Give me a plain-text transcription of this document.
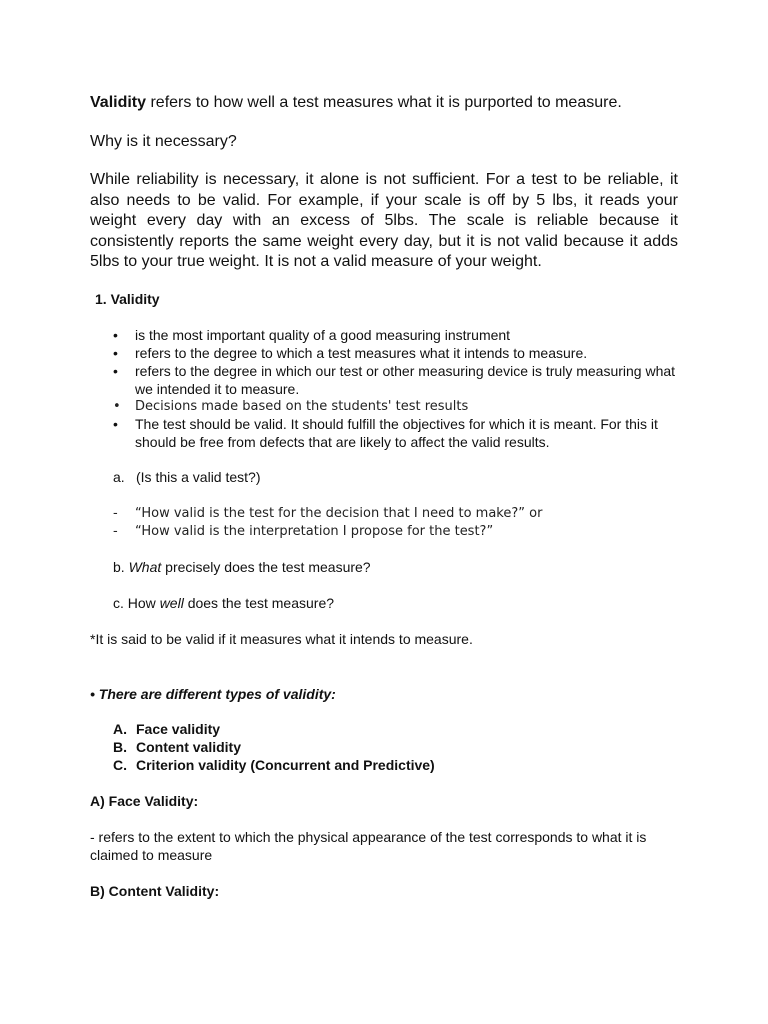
Validity refers to how well a test measures what it is purported to measure.
Why is it necessary?
While reliability is necessary, it alone is not sufficient. For a test to be reliable, it also needs to be valid. For example, if your scale is off by 5 lbs, it reads your weight every day with an excess of 5lbs. The scale is reliable because it consistently reports the same weight every day, but it is not valid because it adds 5lbs to your true weight. It is not a valid measure of your weight.
1. Validity
• is the most important quality of a good measuring instrument
• refers to the degree to which a test measures what it intends to measure.
• refers to the degree in which our test or other measuring device is truly measuring what we intended it to measure.
• Decisions made based on the students' test results
• The test should be valid. It should fulfill the objectives for which it is meant. For this it should be free from defects that are likely to affect the valid results.
a. (Is this a valid test?)
- “How valid is the test for the decision that I need to make?” or
- “How valid is the interpretation I propose for the test?”
b. What precisely does the test measure?
c. How well does the test measure?
*It is said to be valid if it measures what it intends to measure.
• There are different types of validity:
A. Face validity
B. Content validity
C. Criterion validity (Concurrent and Predictive)
A) Face Validity:
- refers to the extent to which the physical appearance of the test corresponds to what it is claimed to measure
B) Content Validity:
